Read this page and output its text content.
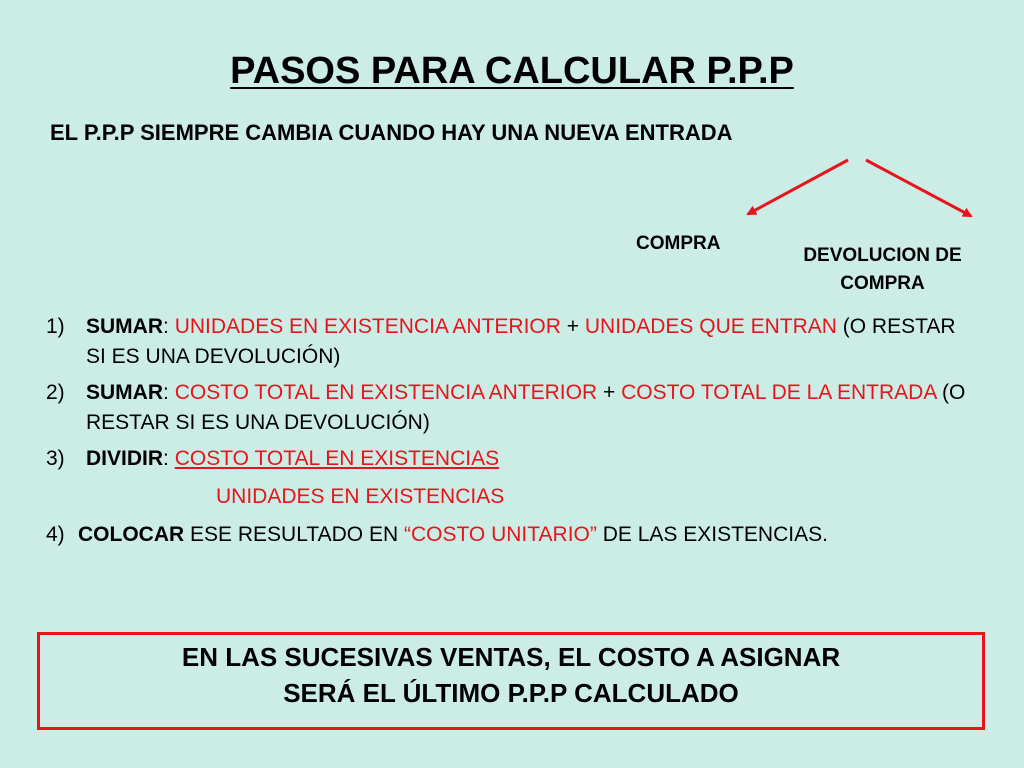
PASOS PARA CALCULAR P.P.P
EL P.P.P SIEMPRE CAMBIA CUANDO HAY UNA NUEVA ENTRADA
COMPRA
DEVOLUCION DE
COMPRA
1) SUMAR: UNIDADES EN EXISTENCIA ANTERIOR + UNIDADES QUE ENTRAN (O RESTAR SI ES UNA DEVOLUCIÓN)
2) SUMAR: COSTO TOTAL EN EXISTENCIA ANTERIOR + COSTO TOTAL DE LA ENTRADA (O RESTAR SI ES UNA DEVOLUCIÓN)
3) DIVIDIR: COSTO TOTAL EN EXISTENCIAS
UNIDADES EN EXISTENCIAS
4) COLOCAR ESE RESULTADO EN “COSTO UNITARIO” DE LAS EXISTENCIAS.
EN LAS SUCESIVAS VENTAS, EL COSTO A ASIGNAR
SERÁ EL ÚLTIMO P.P.P CALCULADO
